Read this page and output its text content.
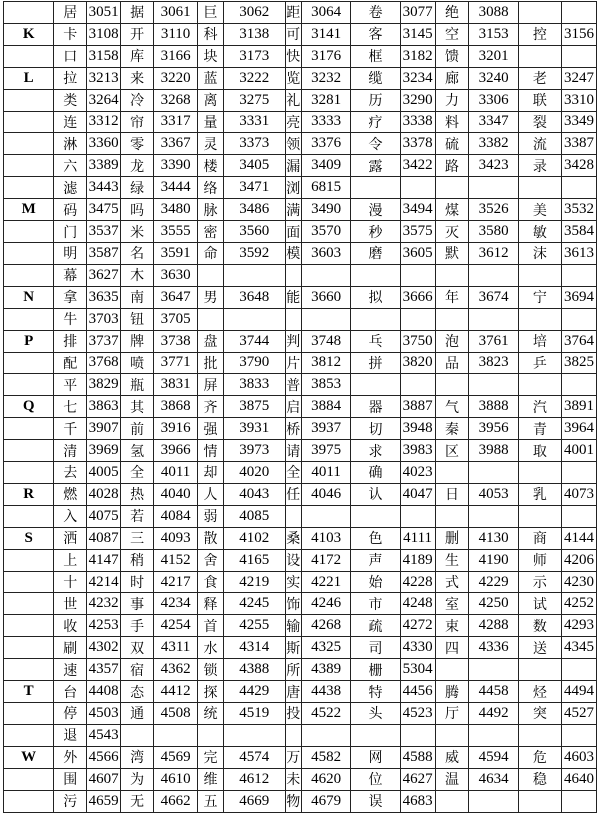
	居	3051	据	3061	巨	3062	距	3064	卷	3077	绝	3088		
K	卡	3108	开	3110	科	3138	可	3141	客	3145	空	3153	控	3156
	口	3158	库	3166	块	3173	快	3176	框	3182	馈	3201		
L	拉	3213	来	3220	蓝	3222	览	3232	缆	3234	廊	3240	老	3247
	类	3264	冷	3268	离	3275	礼	3281	历	3290	力	3306	联	3310
	连	3312	帘	3317	量	3331	亮	3333	疗	3338	料	3347	裂	3349
	淋	3360	零	3367	灵	3373	领	3376	令	3378	硫	3382	流	3387
	六	3389	龙	3390	楼	3405	漏	3409	露	3422	路	3423	录	3428
	滤	3443	绿	3444	络	3471	浏	6815						
M	码	3475	吗	3480	脉	3486	满	3490	漫	3494	煤	3526	美	3532
	门	3537	米	3555	密	3560	面	3570	秒	3575	灭	3580	敏	3584
	明	3587	名	3591	命	3592	模	3603	磨	3605	默	3612	沫	3613
	幕	3627	木	3630										
N	拿	3635	南	3647	男	3648	能	3660	拟	3666	年	3674	宁	3694
	牛	3703	钮	3705										
P	排	3737	牌	3738	盘	3744	判	3748	乓	3750	泡	3761	培	3764
	配	3768	喷	3771	批	3790	片	3812	拼	3820	品	3823	乒	3825
	平	3829	瓶	3831	屏	3833	普	3853						
Q	七	3863	其	3868	齐	3875	启	3884	器	3887	气	3888	汽	3891
	千	3907	前	3916	强	3931	桥	3937	切	3948	秦	3956	青	3964
	清	3969	氢	3966	情	3973	请	3975	求	3983	区	3988	取	4001
	去	4005	全	4011	却	4020	全	4011	确	4023				
R	燃	4028	热	4040	人	4043	任	4046	认	4047	日	4053	乳	4073
	入	4075	若	4084	弱	4085								
S	洒	4087	三	4093	散	4102	桑	4103	色	4111	删	4130	商	4144
	上	4147	稍	4152	舍	4165	设	4172	声	4189	生	4190	师	4206
	十	4214	时	4217	食	4219	实	4221	始	4228	式	4229	示	4230
	世	4232	事	4234	释	4245	饰	4246	市	4248	室	4250	试	4252
	收	4253	手	4254	首	4255	输	4268	疏	4272	束	4288	数	4293
	刷	4302	双	4311	水	4314	斯	4325	司	4330	四	4336	送	4345
	速	4357	宿	4362	锁	4388	所	4389	栅	5304				
T	台	4408	态	4412	探	4429	唐	4438	特	4456	腾	4458	烃	4494
	停	4503	通	4508	统	4519	投	4522	头	4523	厅	4492	突	4527
	退	4543												
W	外	4566	湾	4569	完	4574	万	4582	网	4588	威	4594	危	4603
	围	4607	为	4610	维	4612	未	4620	位	4627	温	4634	稳	4640
	污	4659	无	4662	五	4669	物	4679	误	4683				
